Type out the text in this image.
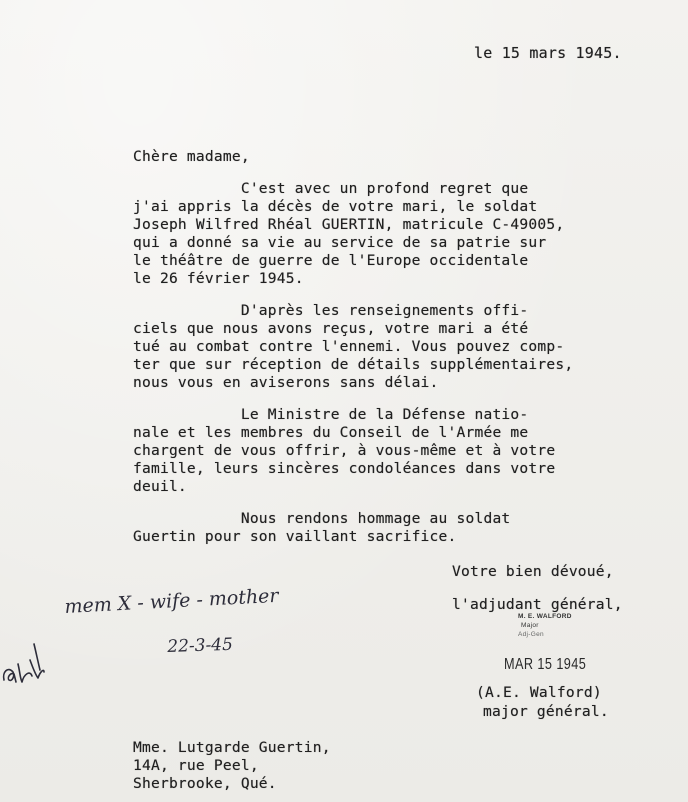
le 15 mars 1945.
Chère madame,
C'est avec un profond regret que
j'ai appris la décès de votre mari, le soldat
Joseph Wilfred Rhéal GUERTIN, matricule C-49005,
qui a donné sa vie au service de sa patrie sur
le théâtre de guerre de l'Europe occidentale
le 26 février 1945.
D'après les renseignements offi-
ciels que nous avons reçus, votre mari a été
tué au combat contre l'ennemi. Vous pouvez comp-
ter que sur réception de détails supplémentaires,
nous vous en aviserons sans délai.
Le Ministre de la Défense natio-
nale et les membres du Conseil de l'Armée me
chargent de vous offrir, à vous-même et à votre
famille, leurs sincères condoléances dans votre
deuil.
Nous rendons hommage au soldat
Guertin pour son vaillant sacrifice.
Votre bien dévoué,
l'adjudant général,
M. E. WALFORD
Major
Adj-Gen
MAR 15 1945
(A.E. Walford)
major général.
mem X - wife - mother
22-3-45
Mme. Lutgarde Guertin,
14A, rue Peel,
Sherbrooke, Qué.
